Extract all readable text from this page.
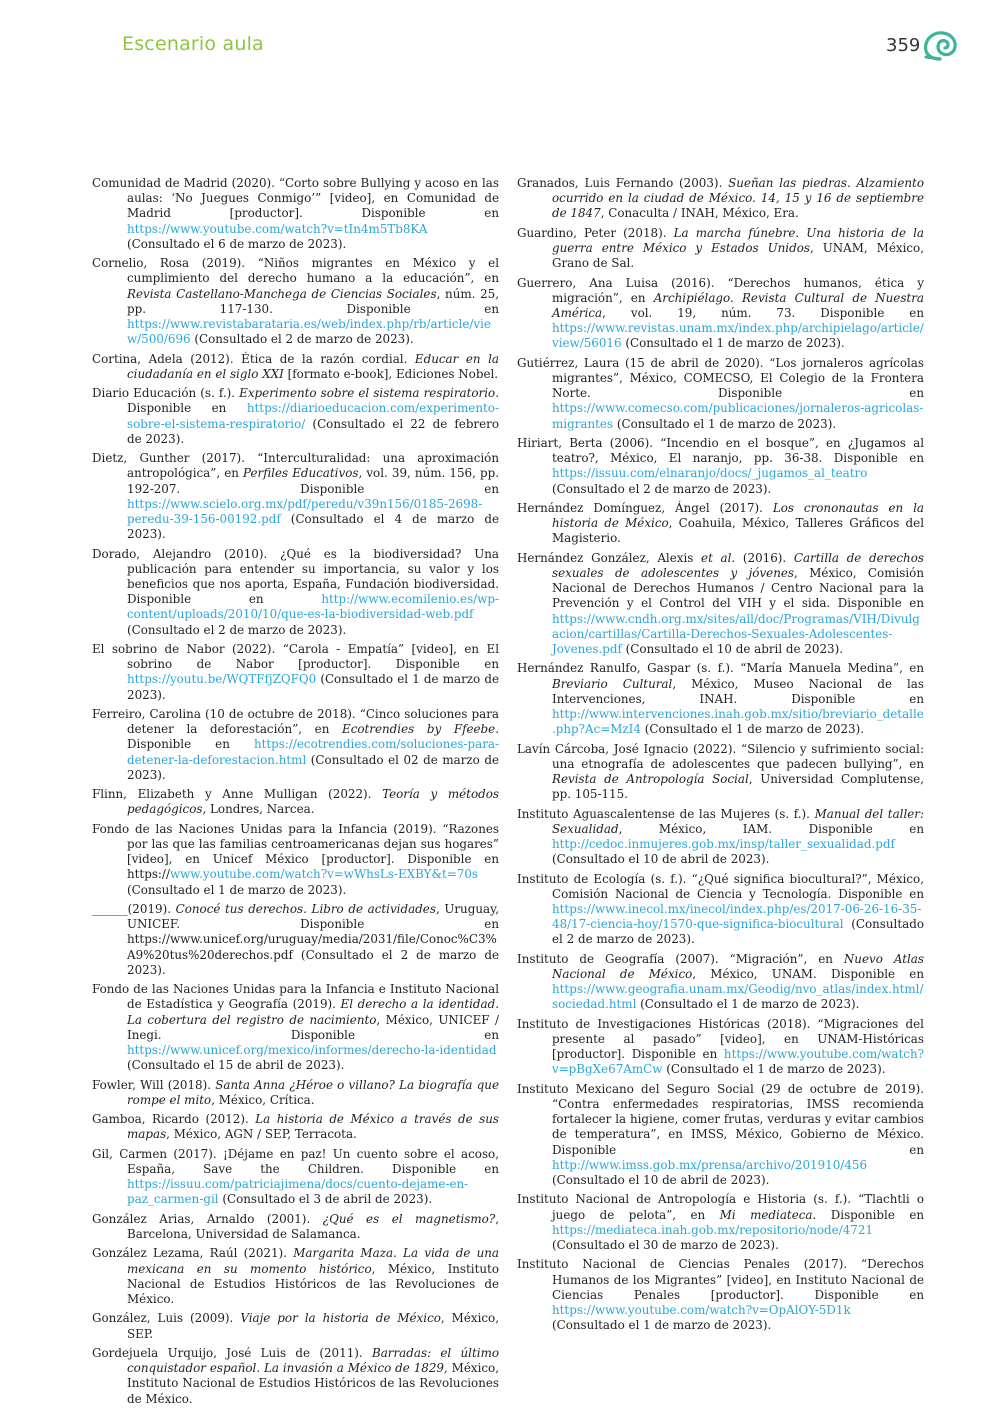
Escenario aula	359

Comunidad de Madrid (2020). “Corto sobre Bullying y acoso en las aulas: ‘No Juegues Conmigo’” [video], en Comunidad de Madrid [productor]. Disponible en https://www.youtube.com/watch?v=tIn4m5Tb8KA (Consultado el 6 de marzo de 2023).

Cornelio, Rosa (2019). “Niños migrantes en México y el cumplimiento del derecho humano a la educación”, en Revista Castellano-Manchega de Ciencias Sociales, núm. 25, pp. 117-130. Disponible en https://www.revistabarataria.es/web/index.php/rb/article/view/500/696 (Consultado el 2 de marzo de 2023).

Cortina, Adela (2012). Ética de la razón cordial. Educar en la ciudadanía en el siglo XXI [formato e-book], Ediciones Nobel.

Diario Educación (s. f.). Experimento sobre el sistema respiratorio. Disponible en https://diarioeducacion.com/experimento-sobre-el-sistema-respiratorio/ (Consultado el 22 de febrero de 2023).

Dietz, Gunther (2017). “Interculturalidad: una aproximación antropológica”, en Perfiles Educativos, vol. 39, núm. 156, pp. 192-207. Disponible en https://www.scielo.org.mx/pdf/peredu/v39n156/0185-2698-peredu-39-156-00192.pdf (Consultado el 4 de marzo de 2023).

Dorado, Alejandro (2010). ¿Qué es la biodiversidad? Una publicación para entender su importancia, su valor y los beneficios que nos aporta, España, Fundación biodiversidad. Disponible en http://www.ecomilenio.es/wp-content/uploads/2010/10/que-es-la-biodiversidad-web.pdf (Consultado el 2 de marzo de 2023).

El sobrino de Nabor (2022). “Carola - Empatía” [video], en El sobrino de Nabor [productor]. Disponible en https://youtu.be/WQTFfjZQFQ0 (Consultado el 1 de marzo de 2023).

Ferreiro, Carolina (10 de octubre de 2018). “Cinco soluciones para detener la deforestación”, en Ecotrendies by Ffeebe. Disponible en https://ecotrendies.com/soluciones-para-detener-la-deforestacion.html (Consultado el 02 de marzo de 2023).

Flinn, Elizabeth y Anne Mulligan (2022). Teoría y métodos pedagógicos, Londres, Narcea.

Fondo de las Naciones Unidas para la Infancia (2019). “Razones por las que las familias centroamericanas dejan sus hogares” [video], en Unicef México [productor]. Disponible en https://www.youtube.com/watch?v=wWhsLs-EXBY&t=70s (Consultado el 1 de marzo de 2023).

______(2019). Conocé tus derechos. Libro de actividades, Uruguay, UNICEF. Disponible en https://www.unicef.org/uruguay/media/2031/file/Conoc%C3%A9%20tus%20derechos.pdf (Consultado el 2 de marzo de 2023).

Fondo de las Naciones Unidas para la Infancia e Instituto Nacional de Estadística y Geografía (2019). El derecho a la identidad. La cobertura del registro de nacimiento, México, UNICEF / Inegi. Disponible en https://www.unicef.org/mexico/informes/derecho-la-identidad (Consultado el 15 de abril de 2023).

Fowler, Will (2018). Santa Anna ¿Héroe o villano? La biografía que rompe el mito, México, Crítica.

Gamboa, Ricardo (2012). La historia de México a través de sus mapas, México, AGN / SEP, Terracota.

Gil, Carmen (2017). ¡Déjame en paz! Un cuento sobre el acoso, España, Save the Children. Disponible en https://issuu.com/patriciajimena/docs/cuento-dejame-en-paz_carmen-gil (Consultado el 3 de abril de 2023).

González Arias, Arnaldo (2001). ¿Qué es el magnetismo?, Barcelona, Universidad de Salamanca.

González Lezama, Raúl (2021). Margarita Maza. La vida de una mexicana en su momento histórico, México, Instituto Nacional de Estudios Históricos de las Revoluciones de México.

González, Luis (2009). Viaje por la historia de México, México, SEP.

Gordejuela Urquijo, José Luis de (2011). Barradas: el último conquistador español. La invasión a México de 1829, México, Instituto Nacional de Estudios Históricos de las Revoluciones de México.

Granados, Luis Fernando (2003). Sueñan las piedras. Alzamiento ocurrido en la ciudad de México. 14, 15 y 16 de septiembre de 1847, Conaculta / INAH, México, Era.

Guardino, Peter (2018). La marcha fúnebre. Una historia de la guerra entre México y Estados Unidos, UNAM, México, Grano de Sal.

Guerrero, Ana Luisa (2016). “Derechos humanos, ética y migración”, en Archipiélago. Revista Cultural de Nuestra América, vol. 19, núm. 73. Disponible en https://www.revistas.unam.mx/index.php/archipielago/article/view/56016 (Consultado el 1 de marzo de 2023).

Gutiérrez, Laura (15 de abril de 2020). “Los jornaleros agrícolas migrantes”, México, COMECSO, El Colegio de la Frontera Norte. Disponible en https://www.comecso.com/publicaciones/jornaleros-agricolas-migrantes (Consultado el 1 de marzo de 2023).

Hiriart, Berta (2006). “Incendio en el bosque”, en ¿Jugamos al teatro?, México, El naranjo, pp. 36-38. Disponible en https://issuu.com/elnaranjo/docs/_jugamos_al_teatro (Consultado el 2 de marzo de 2023).

Hernández Domínguez, Ángel (2017). Los crononautas en la historia de México, Coahuila, México, Talleres Gráficos del Magisterio.

Hernández González, Alexis et al. (2016). Cartilla de derechos sexuales de adolescentes y jóvenes, México, Comisión Nacional de Derechos Humanos / Centro Nacional para la Prevención y el Control del VIH y el sida. Disponible en https://www.cndh.org.mx/sites/all/doc/Programas/VIH/Divulgacion/cartillas/Cartilla-Derechos-Sexuales-Adolescentes-Jovenes.pdf (Consultado el 10 de abril de 2023).

Hernández Ranulfo, Gaspar (s. f.). “María Manuela Medina”, en Breviario Cultural, México, Museo Nacional de las Intervenciones, INAH. Disponible en http://www.intervenciones.inah.gob.mx/sitio/breviario_detalle.php?Ac=MzI4 (Consultado el 1 de marzo de 2023).

Lavín Cárcoba, José Ignacio (2022). “Silencio y sufrimiento social: una etnografía de adolescentes que padecen bullying”, en Revista de Antropología Social, Universidad Complutense, pp. 105-115.

Instituto Aguascalentense de las Mujeres (s. f.). Manual del taller: Sexualidad, México, IAM. Disponible en http://cedoc.inmujeres.gob.mx/insp/taller_sexualidad.pdf (Consultado el 10 de abril de 2023).

Instituto de Ecología (s. f.). “¿Qué significa biocultural?”, México, Comisión Nacional de Ciencia y Tecnología. Disponible en https://www.inecol.mx/inecol/index.php/es/2017-06-26-16-35-48/17-ciencia-hoy/1570-que-significa-biocultural (Consultado el 2 de marzo de 2023).

Instituto de Geografía (2007). “Migración”, en Nuevo Atlas Nacional de México, México, UNAM. Disponible en https://www.geografia.unam.mx/Geodig/nvo_atlas/index.html/sociedad.html (Consultado el 1 de marzo de 2023).

Instituto de Investigaciones Históricas (2018). “Migraciones del presente al pasado” [video], en UNAM-Históricas [productor]. Disponible en https://www.youtube.com/watch?v=pBgXe67AmCw (Consultado el 1 de marzo de 2023).

Instituto Mexicano del Seguro Social (29 de octubre de 2019). “Contra enfermedades respiratorias, IMSS recomienda fortalecer la higiene, comer frutas, verduras y evitar cambios de temperatura”, en IMSS, México, Gobierno de México. Disponible en http://www.imss.gob.mx/prensa/archivo/201910/456 (Consultado el 10 de abril de 2023).

Instituto Nacional de Antropología e Historia (s. f.). “Tlachtli o juego de pelota”, en Mi mediateca. Disponible en https://mediateca.inah.gob.mx/repositorio/node/4721 (Consultado el 30 de marzo de 2023).

Instituto Nacional de Ciencias Penales (2017). “Derechos Humanos de los Migrantes” [video], en Instituto Nacional de Ciencias Penales [productor]. Disponible en https://www.youtube.com/watch?v=OpAlOY-5D1k (Consultado el 1 de marzo de 2023).
